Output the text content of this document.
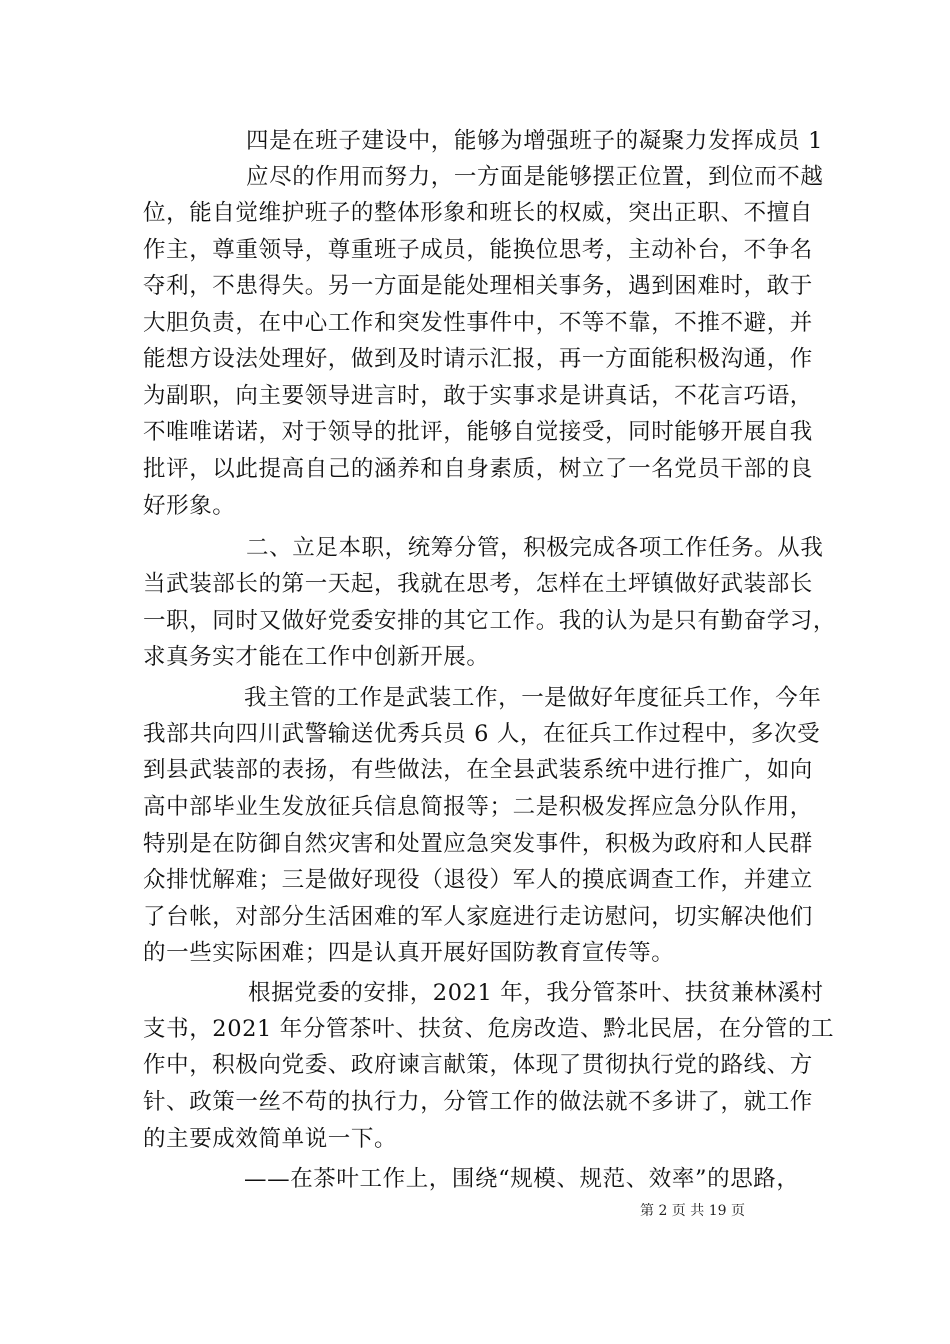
四是在班子建设中，能够为增强班子的凝聚力发挥成员 1
应尽的作用而努力，一方面是能够摆正位置，到位而不越
位，能自觉维护班子的整体形象和班长的权威，突出正职、不擅自
作主，尊重领导，尊重班子成员，能换位思考，主动补台，不争名
夺利，不患得失。另一方面是能处理相关事务，遇到困难时，敢于
大胆负责，在中心工作和突发性事件中，不等不靠，不推不避，并
能想方设法处理好，做到及时请示汇报，再一方面能积极沟通，作
为副职，向主要领导进言时，敢于实事求是讲真话，不花言巧语，
不唯唯诺诺，对于领导的批评，能够自觉接受，同时能够开展自我
批评，以此提高自己的涵养和自身素质，树立了一名党员干部的良
好形象。
二、立足本职，统筹分管，积极完成各项工作任务。从我
当武装部长的第一天起，我就在思考，怎样在土坪镇做好武装部长
一职，同时又做好党委安排的其它工作。我的认为是只有勤奋学习，
求真务实才能在工作中创新开展。
我主管的工作是武装工作，一是做好年度征兵工作，今年
我部共向四川武警输送优秀兵员 6 人，在征兵工作过程中，多次受
到县武装部的表扬，有些做法，在全县武装系统中进行推广，如向
高中部毕业生发放征兵信息简报等；二是积极发挥应急分队作用，
特别是在防御自然灾害和处置应急突发事件，积极为政府和人民群
众排忧解难；三是做好现役（退役）军人的摸底调查工作，并建立
了台帐，对部分生活困难的军人家庭进行走访慰问，切实解决他们
的一些实际困难；四是认真开展好国防教育宣传等。
根据党委的安排，2021 年，我分管茶叶、扶贫兼林溪村
支书，2021 年分管茶叶、扶贫、危房改造、黔北民居，在分管的工
作中，积极向党委、政府谏言献策，体现了贯彻执行党的路线、方
针、政策一丝不苟的执行力，分管工作的做法就不多讲了，就工作
的主要成效简单说一下。
——在茶叶工作上，围绕“规模、规范、效率”的思路，
第 2 页 共 19 页
